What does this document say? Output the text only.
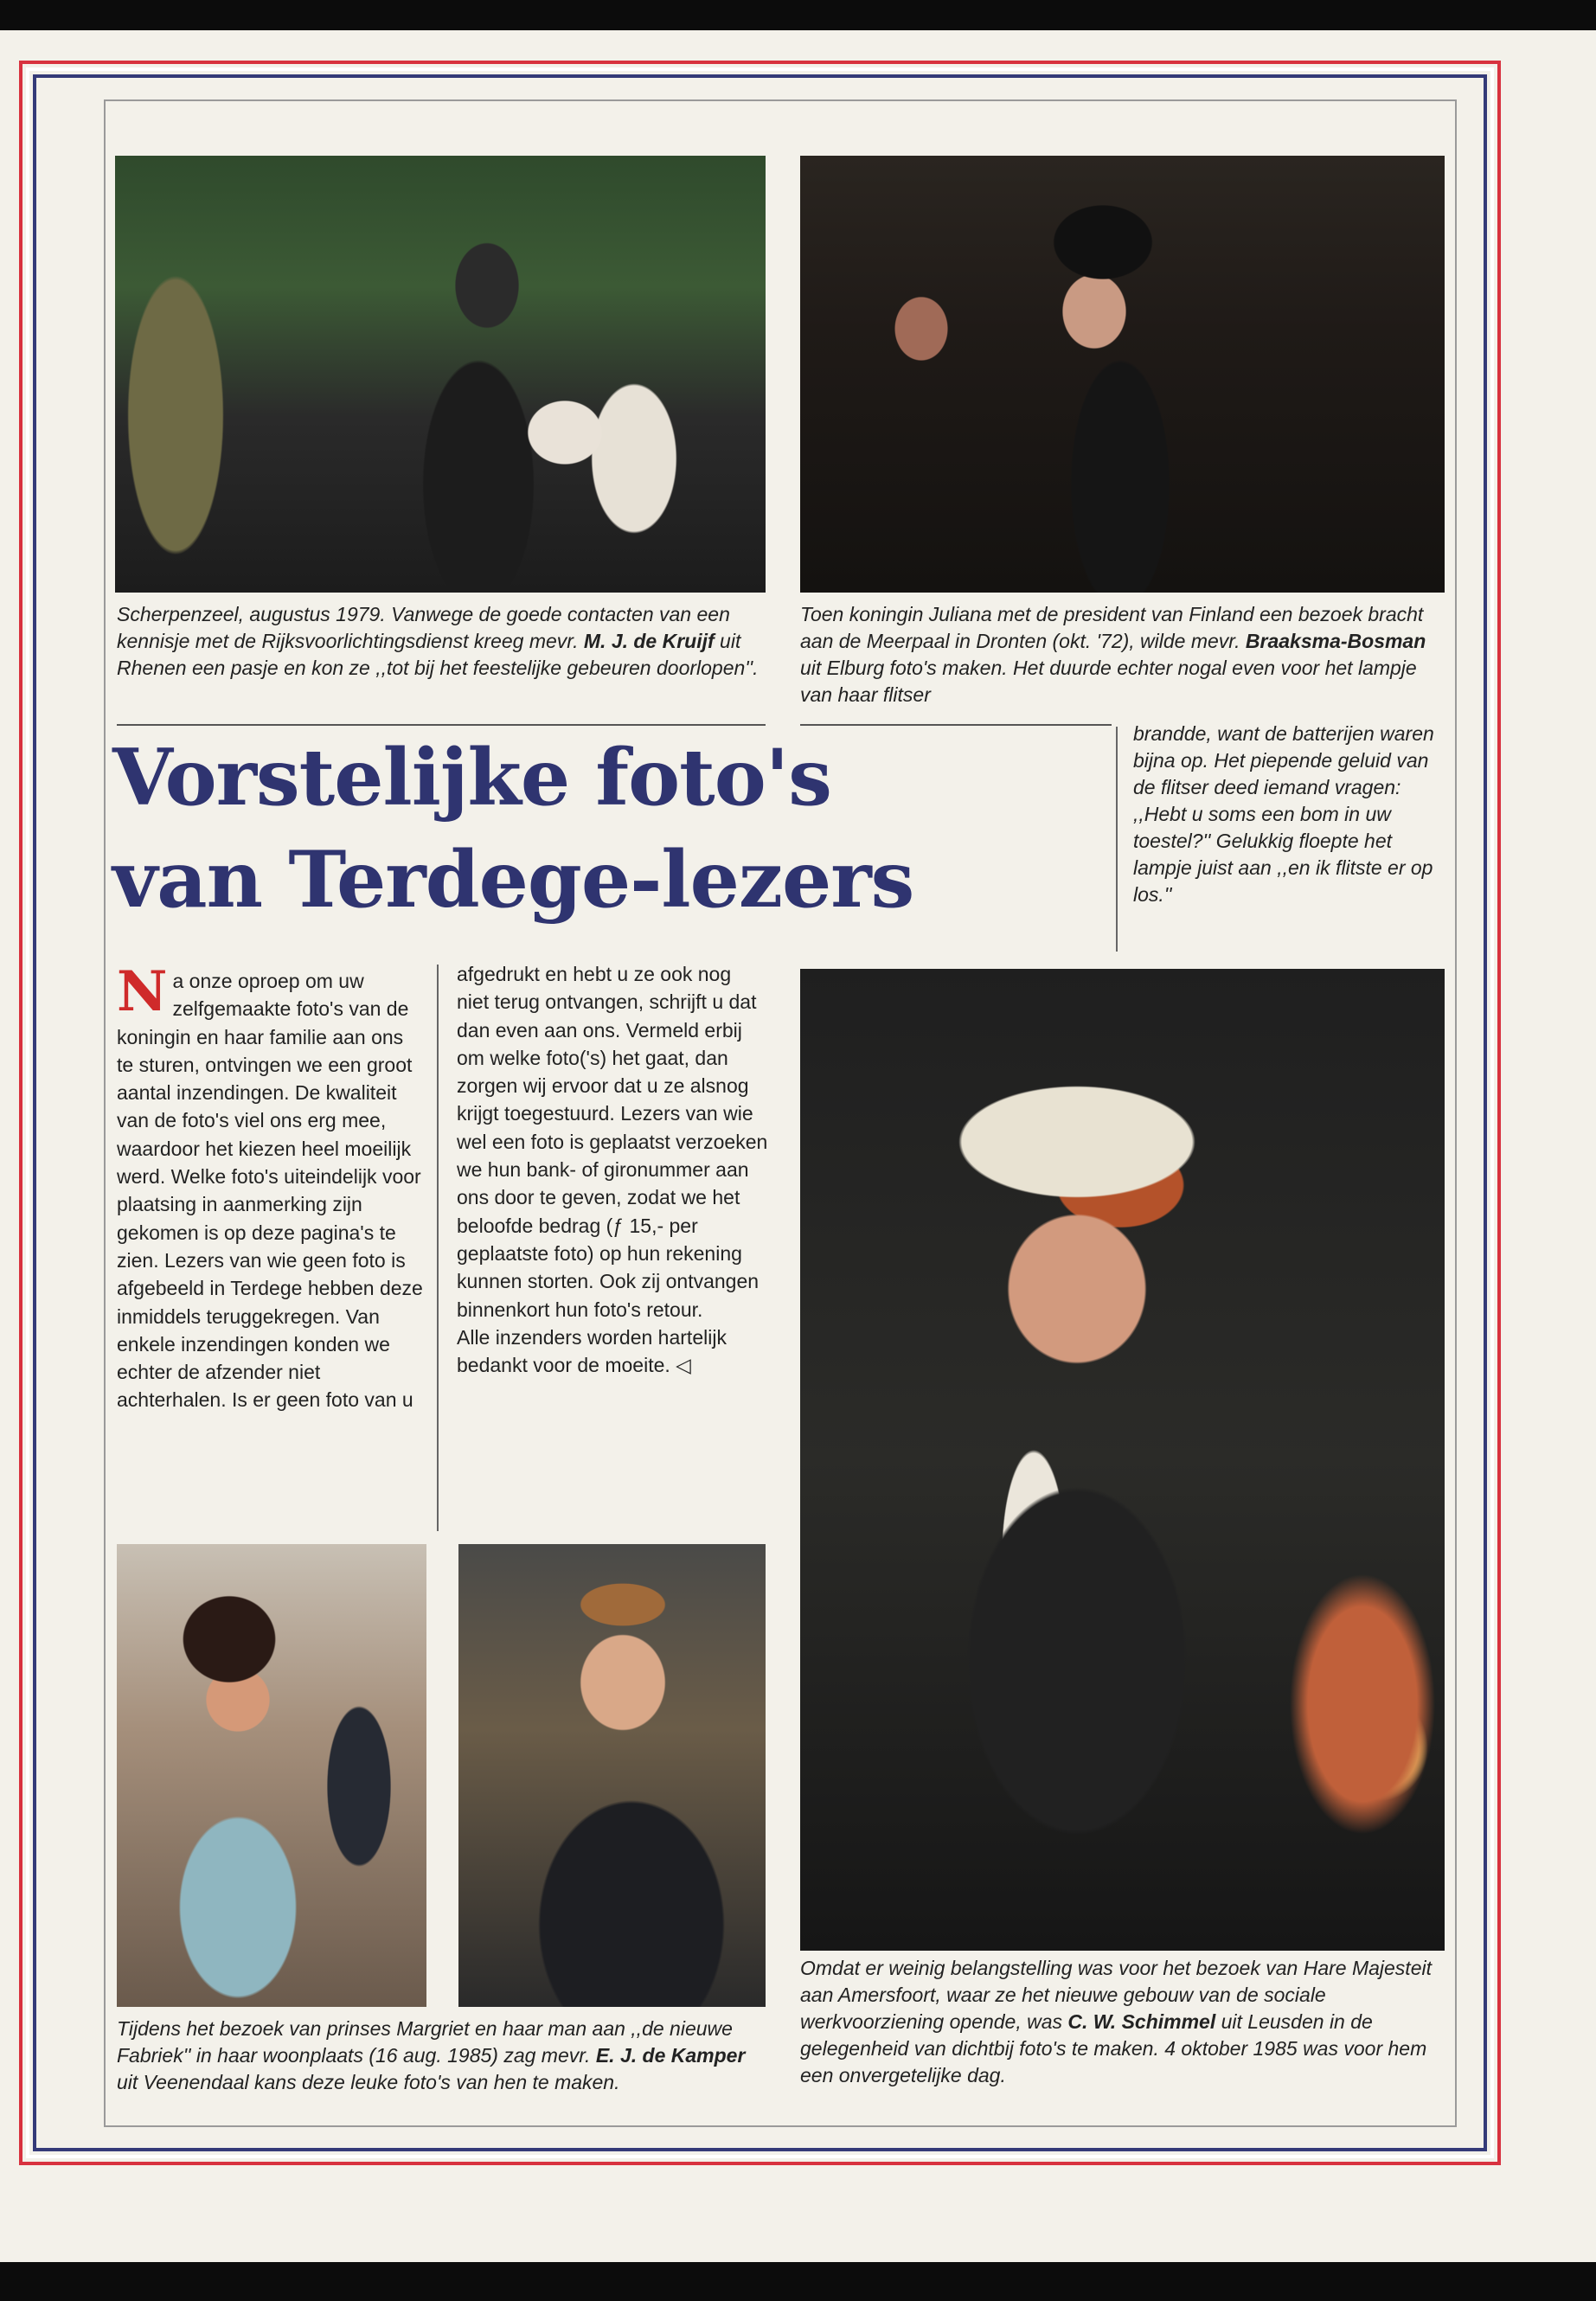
Scherpenzeel, augustus 1979. Vanwege de goede contacten van een kennisje met de Rijksvoorlichtingsdienst kreeg mevr. M. J. de Kruijf uit Rhenen een pasje en kon ze ,,tot bij het feestelijke gebeuren doorlopen''.

Toen koningin Juliana met de president van Finland een bezoek bracht aan de Meerpaal in Dronten (okt. '72), wilde mevr. Braaksma-Bosman uit Elburg foto's maken. Het duurde echter nogal even voor het lampje van haar flitser

brandde, want de batterijen waren bijna op. Het piepende geluid van de flitser deed iemand vragen: ,,Hebt u soms een bom in uw toestel?'' Gelukkig floepte het lampje juist aan ,,en ik flitste er op los.''

Vorstelijke foto's
van Terdege-lezers

Na onze oproep om uw zelfgemaakte foto's van de koningin en haar familie aan ons te sturen, ontvingen we een groot aantal inzendingen. De kwaliteit van de foto's viel ons erg mee, waardoor het kiezen heel moeilijk werd. Welke foto's uiteindelijk voor plaatsing in aanmerking zijn gekomen is op deze pagina's te zien. Lezers van wie geen foto is afgebeeld in Terdege hebben deze inmiddels teruggekregen. Van enkele inzendingen konden we echter de afzender niet achterhalen. Is er geen foto van u

afgedrukt en hebt u ze ook nog niet terug ontvangen, schrijft u dat dan even aan ons. Vermeld erbij om welke foto('s) het gaat, dan zorgen wij ervoor dat u ze alsnog krijgt toegestuurd. Lezers van wie wel een foto is geplaatst verzoeken we hun bank- of gironummer aan ons door te geven, zodat we het beloofde bedrag (ƒ 15,- per geplaatste foto) op hun rekening kunnen storten. Ook zij ontvangen binnenkort hun foto's retour.
Alle inzenders worden hartelijk bedankt voor de moeite. ◁

Tijdens het bezoek van prinses Margriet en haar man aan ,,de nieuwe Fabriek'' in haar woonplaats (16 aug. 1985) zag mevr. E. J. de Kamper uit Veenendaal kans deze leuke foto's van hen te maken.

Omdat er weinig belangstelling was voor het bezoek van Hare Majesteit aan Amersfoort, waar ze het nieuwe gebouw van de sociale werkvoorziening opende, was C. W. Schimmel uit Leusden in de gelegenheid van dichtbij foto's te maken. 4 oktober 1985 was voor hem een onvergetelijke dag.
